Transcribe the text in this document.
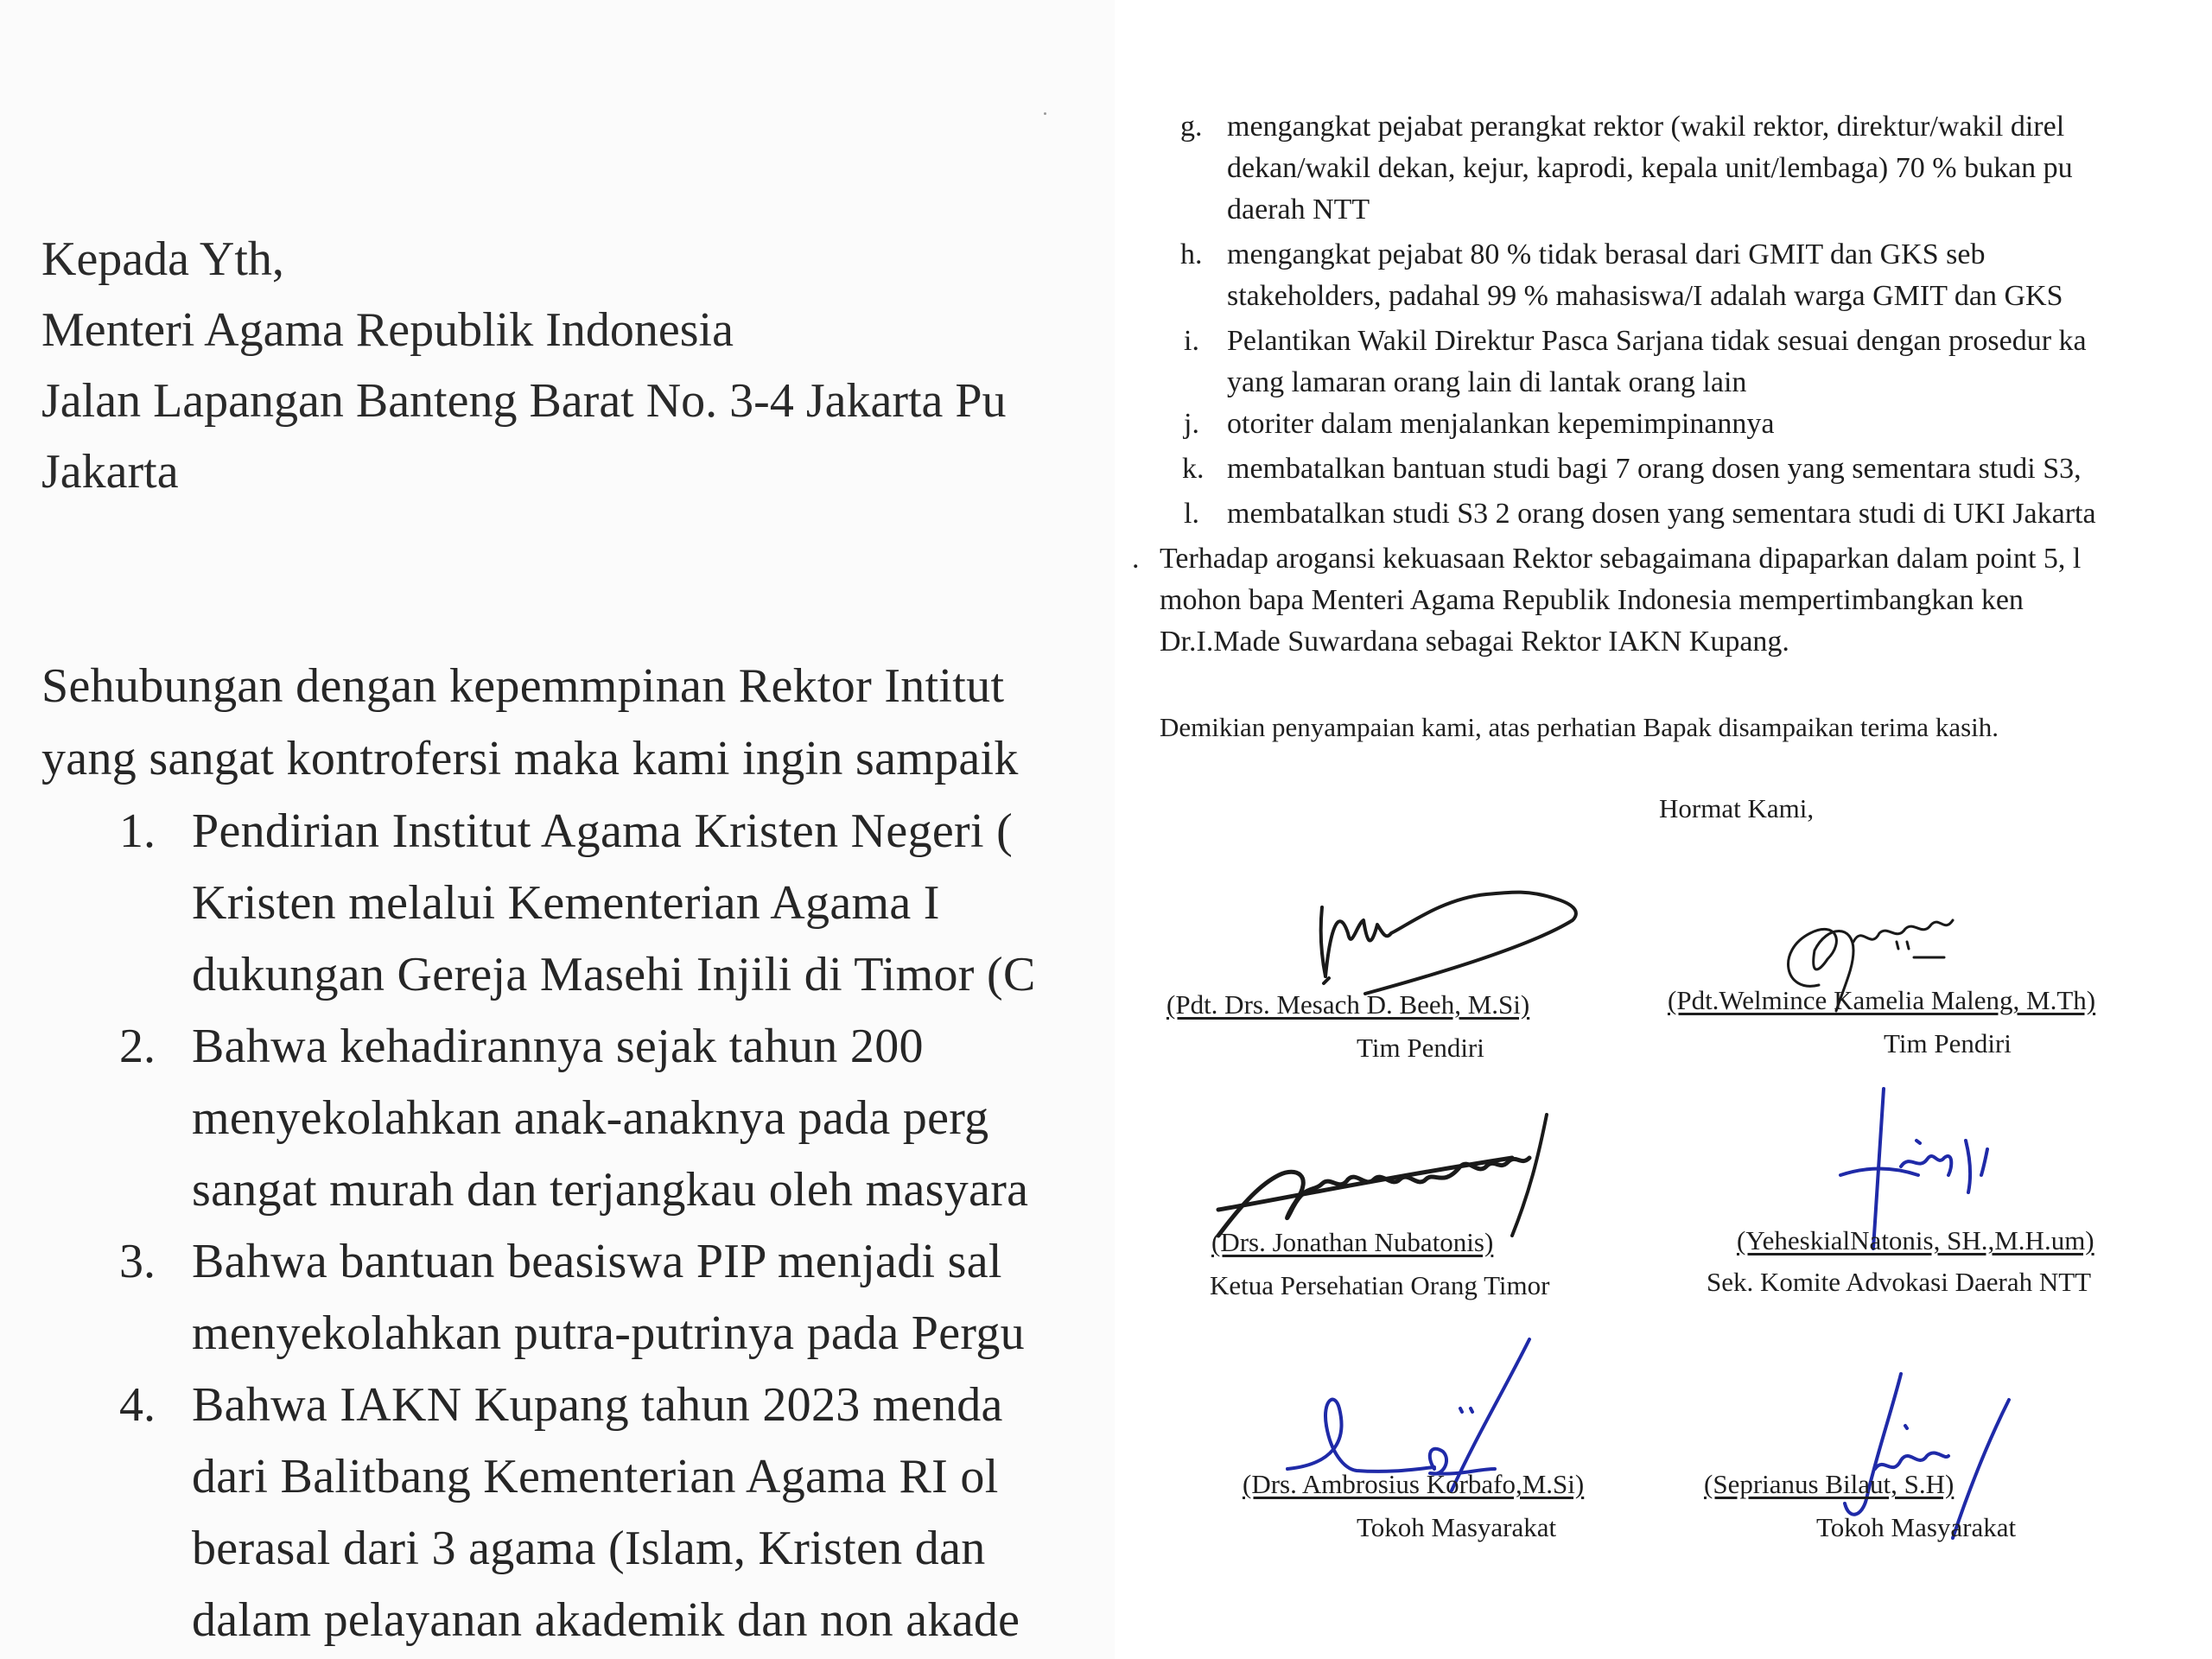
Kepada Yth,
Menteri Agama Republik Indonesia
Jalan Lapangan Banteng Barat No. 3-4 Jakarta Pu
Jakarta
Sehubungan dengan kepemmpinan Rektor Intitut
yang sangat kontrofersi maka kami ingin sampaik
1. Pendirian Institut Agama Kristen Negeri (
Kristen melalui Kementerian Agama I
dukungan Gereja Masehi Injili di Timor (C
2. Bahwa kehadirannya sejak tahun 200
menyekolahkan anak-anaknya pada perg
sangat murah dan terjangkau oleh masyara
3. Bahwa bantuan beasiswa PIP menjadi sal
menyekolahkan putra-putrinya pada Pergu
4. Bahwa IAKN Kupang tahun 2023 menda
dari Balitbang Kementerian Agama RI ol
berasal dari 3 agama (Islam, Kristen dan
dalam pelayanan akademik dan non akade
g. mengangkat pejabat perangkat rektor (wakil rektor, direktur/wakil direl
dekan/wakil dekan, kejur, kaprodi, kepala unit/lembaga) 70 % bukan pu
daerah NTT
h. mengangkat pejabat 80 % tidak berasal dari GMIT dan GKS seb
stakeholders, padahal 99 % mahasiswa/I adalah warga GMIT dan GKS
i. Pelantikan Wakil Direktur Pasca Sarjana tidak sesuai dengan prosedur ka
yang lamaran orang lain di lantak orang lain
j. otoriter dalam menjalankan kepemimpinannya
k. membatalkan bantuan studi bagi 7 orang dosen yang sementara studi S3,
l. membatalkan studi S3 2 orang dosen yang sementara studi di UKI Jakarta
. Terhadap arogansi kekuasaan Rektor sebagaimana dipaparkan dalam point 5, l
mohon bapa Menteri Agama Republik Indonesia mempertimbangkan ken
Dr.I.Made Suwardana sebagai Rektor IAKN Kupang.
Demikian penyampaian kami, atas perhatian Bapak disampaikan terima kasih.
Hormat Kami,
(Pdt. Drs. Mesach D. Beeh, M.Si)
Tim Pendiri
(Pdt.Welmince Kamelia Maleng, M.Th)
Tim Pendiri
(Drs. Jonathan Nubatonis)
Ketua Persehatian Orang Timor
(YeheskialNatonis, SH.,M.H.um)
Sek. Komite Advokasi Daerah NTT
(Drs. Ambrosius Korbafo,M.Si)
Tokoh Masyarakat
(Seprianus Bilaut, S.H)
Tokoh Masyarakat
